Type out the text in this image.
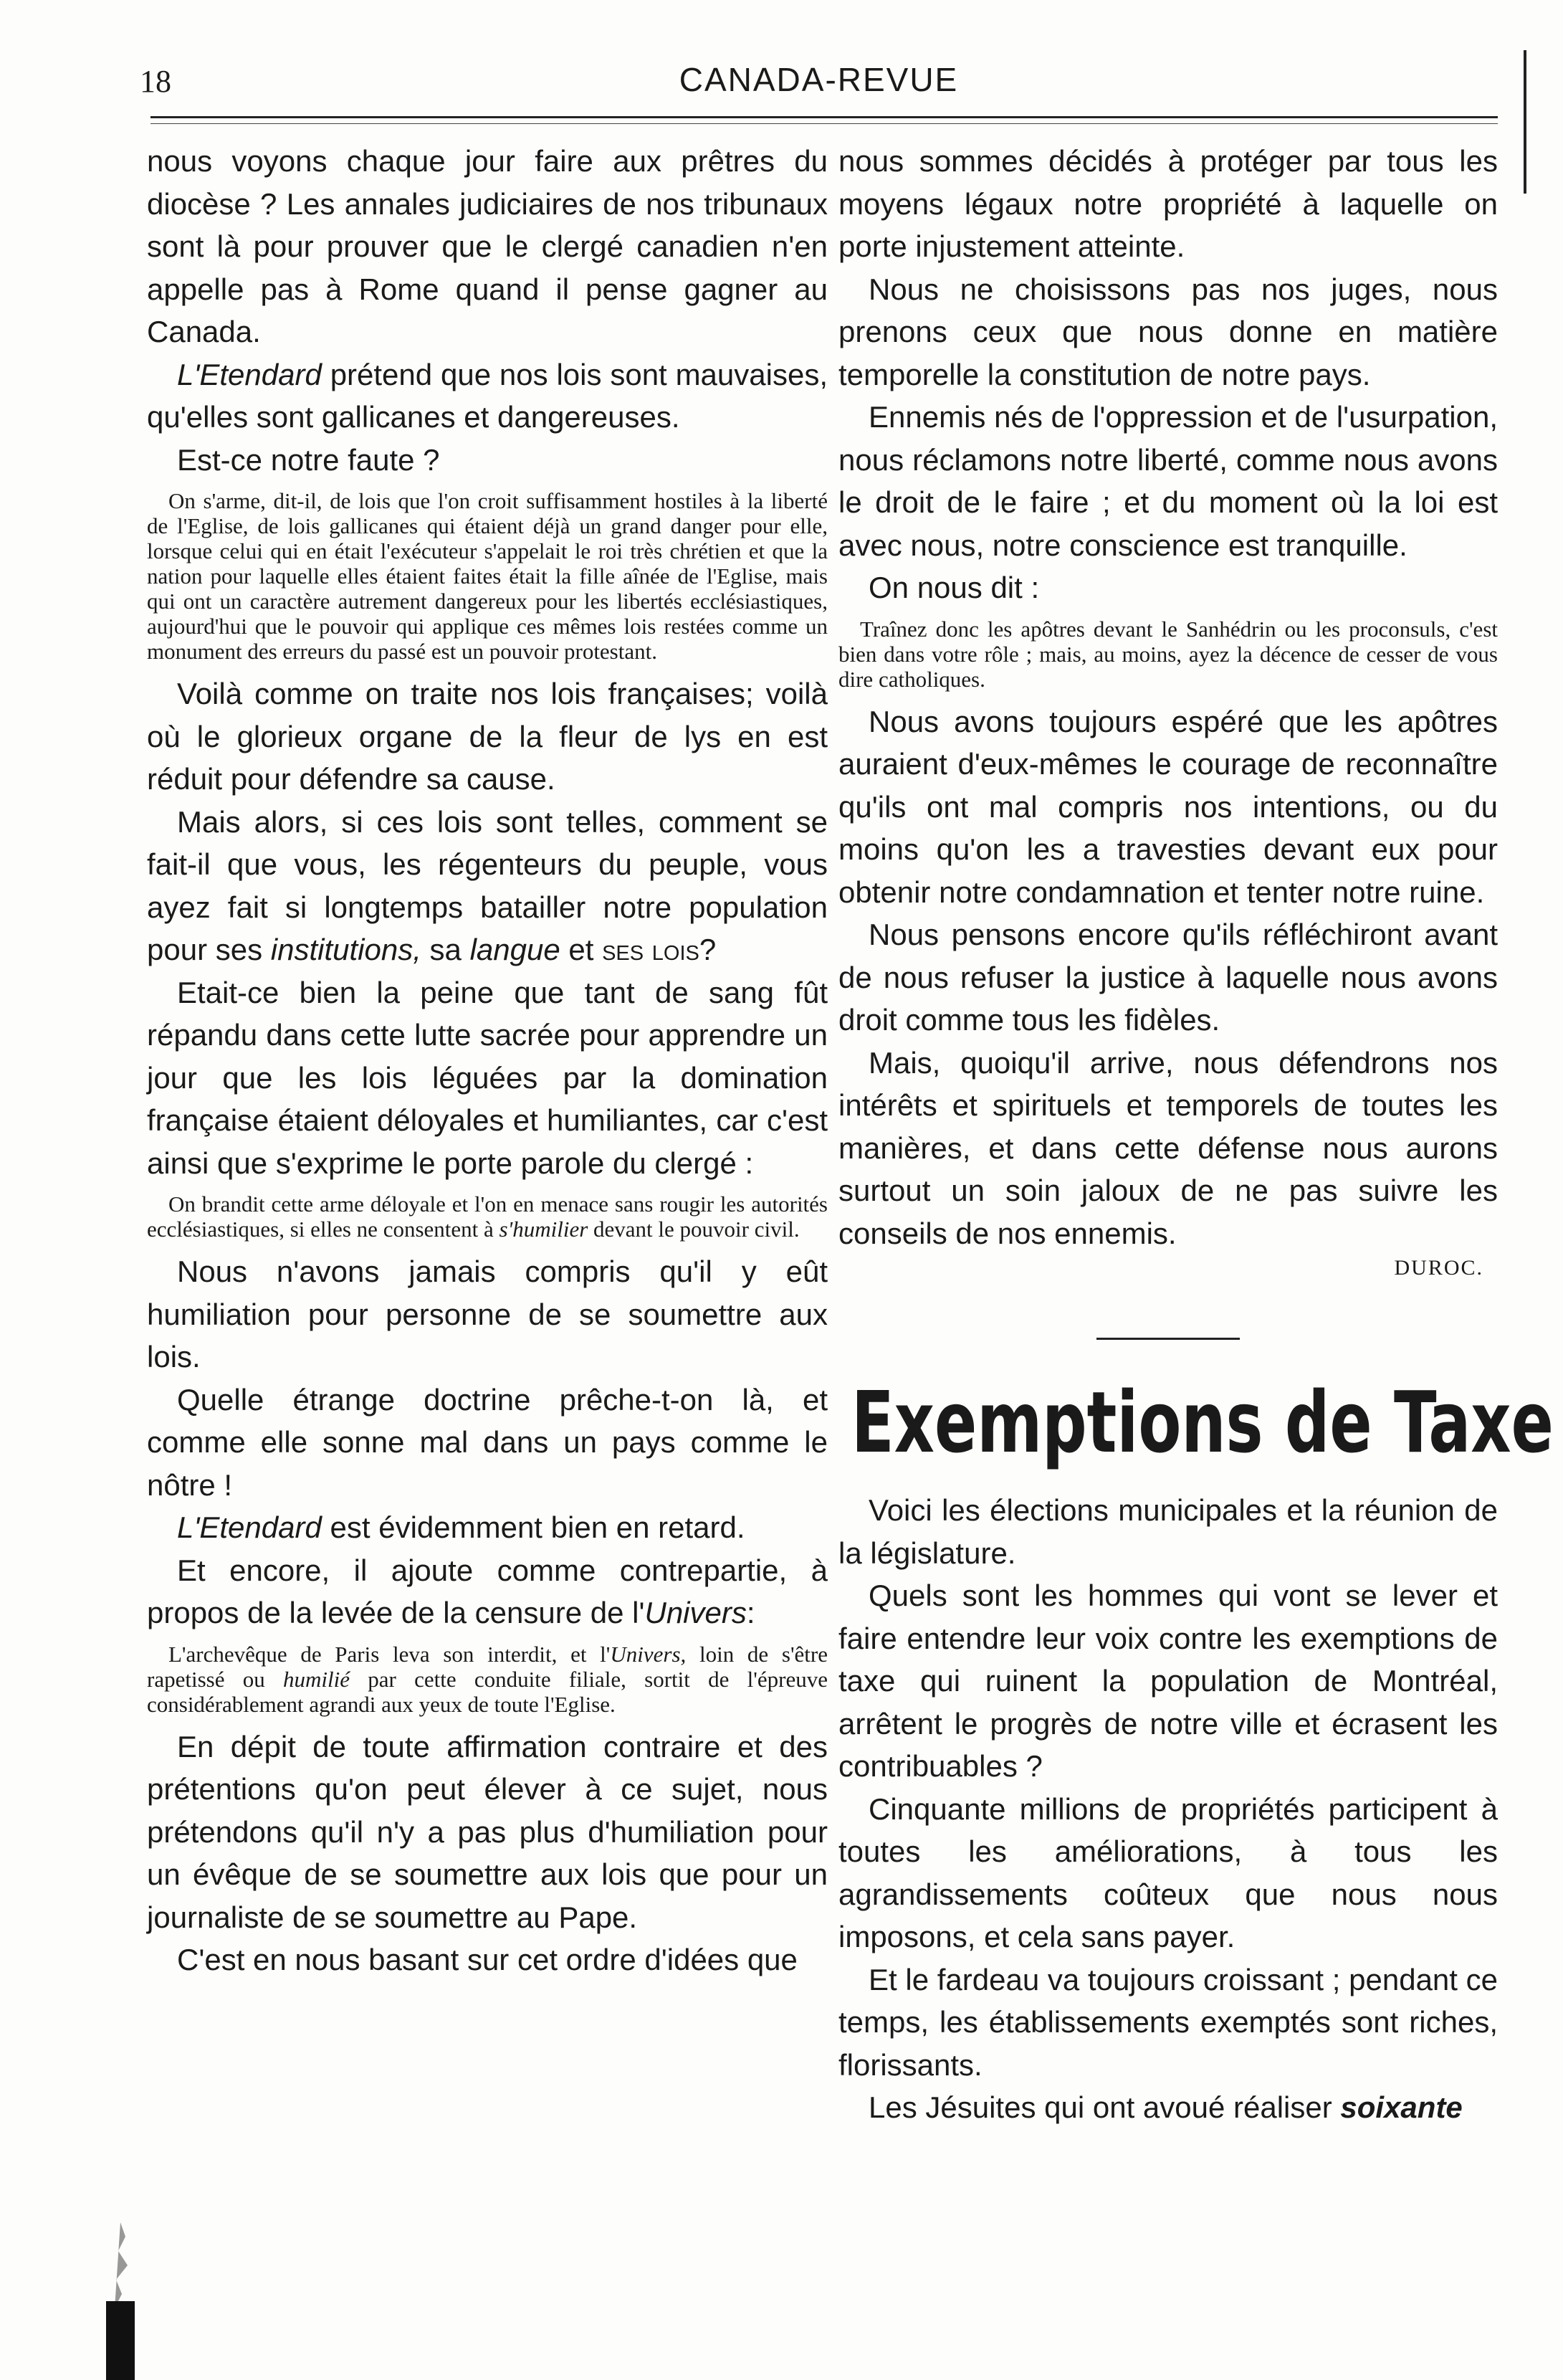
18	CANADA-REVUE

nous voyons chaque jour faire aux prêtres du diocèse ? Les annales judiciaires de nos tribunaux sont là pour prouver que le clergé canadien n'en appelle pas à Rome quand il pense gagner au Canada.

L'Etendard prétend que nos lois sont mauvaises, qu'elles sont gallicanes et dangereuses.

Est-ce notre faute ?

On s'arme, dit-il, de lois que l'on croit suffisamment hostiles à la liberté de l'Eglise, de lois gallicanes qui étaient déjà un grand danger pour elle, lorsque celui qui en était l'exécuteur s'appelait le roi très chrétien et que la nation pour laquelle elles étaient faites était la fille aînée de l'Eglise, mais qui ont un caractère autrement dangereux pour les libertés ecclésiastiques, aujourd'hui que le pouvoir qui applique ces mêmes lois restées comme un monument des erreurs du passé est un pouvoir protestant.

Voilà comme on traite nos lois françaises; voilà où le glorieux organe de la fleur de lys en est réduit pour défendre sa cause.

Mais alors, si ces lois sont telles, comment se fait-il que vous, les régenteurs du peuple, vous ayez fait si longtemps batailler notre population pour ses institutions, sa langue et ses lois?

Etait-ce bien la peine que tant de sang fût répandu dans cette lutte sacrée pour apprendre un jour que les lois léguées par la domination française étaient déloyales et humiliantes, car c'est ainsi que s'exprime le porte parole du clergé :

On brandit cette arme déloyale et l'on en menace sans rougir les autorités ecclésiastiques, si elles ne consentent à s'humilier devant le pouvoir civil.

Nous n'avons jamais compris qu'il y eût humiliation pour personne de se soumettre aux lois.

Quelle étrange doctrine prêche-t-on là, et comme elle sonne mal dans un pays comme le nôtre !

L'Etendard est évidemment bien en retard.

Et encore, il ajoute comme contrepartie, à propos de la levée de la censure de l'Univers:

L'archevêque de Paris leva son interdit, et l'Univers, loin de s'être rapetissé ou humilié par cette conduite filiale, sortit de l'épreuve considérablement agrandi aux yeux de toute l'Eglise.

En dépit de toute affirmation contraire et des prétentions qu'on peut élever à ce sujet, nous prétendons qu'il n'y a pas plus d'humiliation pour un évêque de se soumettre aux lois que pour un journaliste de se soumettre au Pape.

C'est en nous basant sur cet ordre d'idées que

nous sommes décidés à protéger par tous les moyens légaux notre propriété à laquelle on porte injustement atteinte.

Nous ne choisissons pas nos juges, nous prenons ceux que nous donne en matière temporelle la constitution de notre pays.

Ennemis nés de l'oppression et de l'usurpation, nous réclamons notre liberté, comme nous avons le droit de le faire ; et du moment où la loi est avec nous, notre conscience est tranquille.

On nous dit :

Traînez donc les apôtres devant le Sanhédrin ou les proconsuls, c'est bien dans votre rôle ; mais, au moins, ayez la décence de cesser de vous dire catholiques.

Nous avons toujours espéré que les apôtres auraient d'eux-mêmes le courage de reconnaître qu'ils ont mal compris nos intentions, ou du moins qu'on les a travesties devant eux pour obtenir notre condamnation et tenter notre ruine.

Nous pensons encore qu'ils réfléchiront avant de nous refuser la justice à laquelle nous avons droit comme tous les fidèles.

Mais, quoiqu'il arrive, nous défendrons nos intérêts et spirituels et temporels de toutes les manières, et dans cette défense nous aurons surtout un soin jaloux de ne pas suivre les conseils de nos ennemis.

DUROC.
Exemptions de Taxe

Voici les élections municipales et la réunion de la législature.

Quels sont les hommes qui vont se lever et faire entendre leur voix contre les exemptions de taxe qui ruinent la population de Montréal, arrêtent le progrès de notre ville et écrasent les contribuables ?

Cinquante millions de propriétés participent à toutes les améliorations, à tous les agrandissements coûteux que nous nous imposons, et cela sans payer.

Et le fardeau va toujours croissant ; pendant ce temps, les établissements exemptés sont riches, florissants.

Les Jésuites qui ont avoué réaliser soixante
